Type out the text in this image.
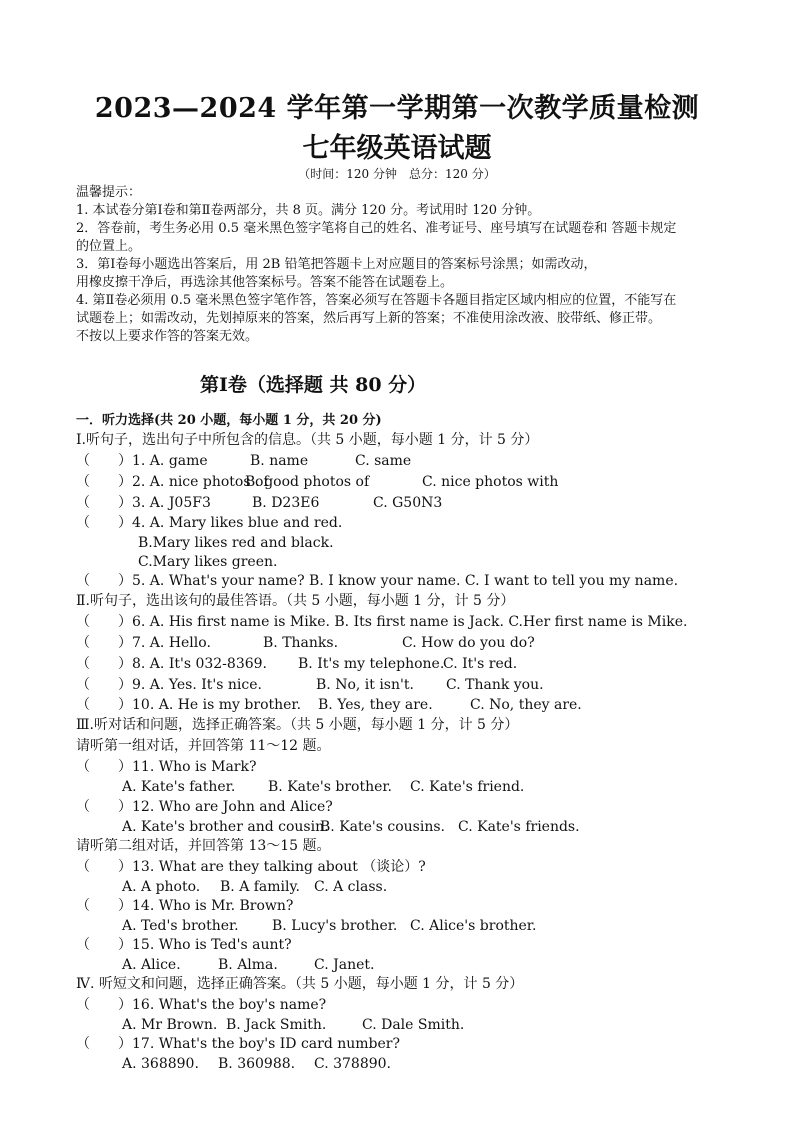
2023—2024 学年第一学期第一次教学质量检测
七年级英语试题
（时间：120 分钟　总分：120 分）
温馨提示：
1. 本试卷分第Ⅰ卷和第Ⅱ卷两部分，共 8 页。满分 120 分。考试用时 120 分钟。
2．答卷前，考生务必用 0.5 毫米黑色签字笔将自己的姓名、准考证号、座号填写在试题卷和 答题卡规定
的位置上。
3．第Ⅰ卷每小题选出答案后，用 2B 铅笔把答题卡上对应题目的答案标号涂黑；如需改动，
用橡皮擦干净后，再选涂其他答案标号。答案不能答在试题卷上。
4. 第Ⅱ卷必须用 0.5 毫米黑色签字笔作答，答案必须写在答题卡各题目指定区域内相应的位置，不能写在
试题卷上；如需改动，先划掉原来的答案，然后再写上新的答案；不准使用涂改液、胶带纸、修正带。
不按以上要求作答的答案无效。
第Ⅰ卷（选择题 共 80 分）
一．听力选择(共 20 小题，每小题 1 分，共 20 分)
Ⅰ.听句子，选出句子中所包含的信息。（共 5 小题，每小题 1 分，计 5 分）
（　　）1. A. game	B. name	C. same
（　　）2. A. nice photos of
B. good photos of	C. nice photos with
（　　）3. A. J05F3	B. D23E6	C. G50N3
（　　）4. A. Mary likes blue and red.
B.Mary likes red and black.
C.Mary likes green.
（　　）5. A. What's your name? B. I know your name. C. I want to tell you my name.
Ⅱ.听句子，选出该句的最佳答语。（共 5 小题，每小题 1 分，计 5 分）
（　　）6. A. His first name is Mike. B. Its first name is Jack. C.Her first name is Mike.
（　　）7. A. Hello.	B. Thanks.	C. How do you do?
（　　）8. A. It's 032-8369. B. It's my telephone.
C. It's red.
（　　）9. A. Yes. It's nice.	B. No, it isn't. C. Thank you.
（　　）10. A. He is my brother. B. Yes, they are.	C. No, they are.
Ⅲ.听对话和问题，选择正确答案。（共 5 小题，每小题 1 分，计 5 分）
请听第一组对话，并回答第 11～12 题。
（　　）11. Who is Mark?
A. Kate's father. B. Kate's brother. C. Kate's friend.
（　　）12. Who are John and Alice?
A. Kate's brother and cousin.
B. Kate's cousins. C. Kate's friends.
请听第二组对话，并回答第 13～15 题。
（　　）13. What are they talking about （谈论）?
A. A photo. B. A family. C. A class.
（　　）14. Who is Mr. Brown?
A. Ted's brother. B. Lucy's brother. C. Alice's brother.
（　　）15. Who is Ted's aunt?
A. Alice.	B. Alma.	C. Janet.
Ⅳ. 听短文和问题，选择正确答案。（共 5 小题，每小题 1 分，计 5 分）
（　　）16. What's the boy's name?
A. Mr Brown. B. Jack Smith.	C. Dale Smith.
（　　）17. What's the boy's ID card number?
A. 368890. B. 360988. C. 378890.
